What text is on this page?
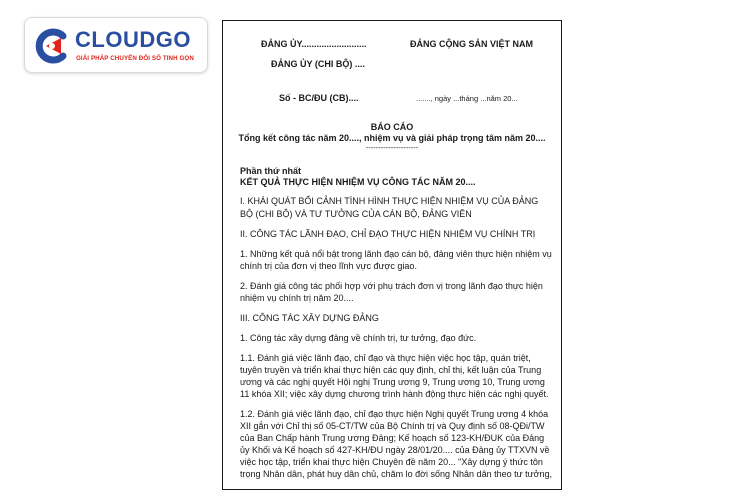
CLOUDGO
GIẢI PHÁP CHUYỂN ĐỔI SỐ TINH GỌN
ĐẢNG ỦY..........................	ĐẢNG CỘNG SẢN VIỆT NAM
ĐẢNG ỦY (CHI BỘ) ....
Số - BC/ĐU (CB)....	......., ngày ...tháng ...năm 20...
BÁO CÁO
Tổng kết công tác năm 20...., nhiệm vụ và giải pháp trọng tâm năm 20....
---------------------
Phần thứ nhất
KẾT QUẢ THỰC HIỆN NHIỆM VỤ CÔNG TÁC NĂM 20....
I. KHÁI QUÁT BỐI CẢNH TÌNH HÌNH THỰC HIỆN NHIỆM VỤ CỦA ĐẢNG
BỘ (CHI BỘ) VÀ TƯ TƯỞNG CỦA CÁN BỘ, ĐẢNG VIÊN
II. CÔNG TÁC LÃNH ĐẠO, CHỈ ĐẠO THỰC HIỆN NHIỆM VỤ CHÍNH TRỊ
1. Những kết quả nổi bật trong lãnh đạo cán bộ, đảng viên thực hiện nhiệm vụ
chính trị của đơn vị theo lĩnh vực được giao.
2. Đánh giá công tác phối hợp với phụ trách đơn vị trong lãnh đạo thực hiện
nhiệm vụ chính trị năm 20....
III. CÔNG TÁC XÂY DỰNG ĐẢNG
1. Công tác xây dựng đảng về chính trị, tư tưởng, đạo đức.
1.1. Đánh giá việc lãnh đạo, chỉ đạo và thực hiện việc học tập, quán triệt,
tuyên truyền và triển khai thực hiện các quy định, chỉ thị, kết luận của Trung
ương và các nghị quyết Hội nghị Trung ương 9, Trung ương 10, Trung ương
11 khóa XII; việc xây dựng chương trình hành động thực hiện các nghị quyết.
1.2. Đánh giá việc lãnh đạo, chỉ đạo thực hiện Nghị quyết Trung ương 4 khóa
XII gắn với Chỉ thị số 05-CT/TW của Bộ Chính trị và Quy định số 08-QĐi/TW
của Ban Chấp hành Trung ương Đảng; Kế hoạch số 123-KH/ĐUK của Đảng
ủy Khối và Kế hoạch số 427-KH/ĐU ngày 28/01/20.... của Đảng ủy TTXVN về
việc học tập, triển khai thực hiện Chuyên đề năm 20... "Xây dựng ý thức tôn
trọng Nhân dân, phát huy dân chủ, chăm lo đời sống Nhân dân theo tư tưởng,
